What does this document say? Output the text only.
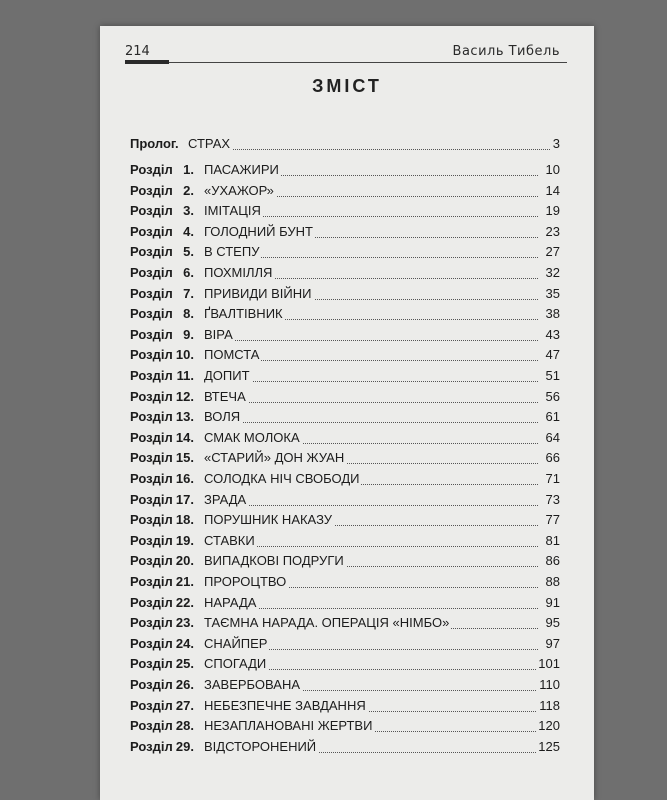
214	Василь Тибель
ЗМІСТ
Пролог. СТРАХ	3
Розділ 1. ПАСАЖИРИ	10
Розділ 2. «УХАЖОР»	14
Розділ 3. ІМІТАЦІЯ	19
Розділ 4. ГОЛОДНИЙ БУНТ	23
Розділ 5. В СТЕПУ	27
Розділ 6. ПОХМІЛЛЯ	32
Розділ 7. ПРИВИДИ ВІЙНИ	35
Розділ 8. ҐВАЛТІВНИК	38
Розділ 9. ВІРА	43
Розділ 10. ПОМСТА	47
Розділ 11. ДОПИТ	51
Розділ 12. ВТЕЧА	56
Розділ 13. ВОЛЯ	61
Розділ 14. СМАК МОЛОКА	64
Розділ 15. «СТАРИЙ» ДОН ЖУАН	66
Розділ 16. СОЛОДКА НІЧ СВОБОДИ	71
Розділ 17. ЗРАДА	73
Розділ 18. ПОРУШНИК НАКАЗУ	77
Розділ 19. СТАВКИ	81
Розділ 20. ВИПАДКОВІ ПОДРУГИ	86
Розділ 21. ПРОРОЦТВО	88
Розділ 22. НАРАДА	91
Розділ 23. ТАЄМНА НАРАДА. ОПЕРАЦІЯ «НІМБО»	95
Розділ 24. СНАЙПЕР	97
Розділ 25. СПОГАДИ	101
Розділ 26. ЗАВЕРБОВАНА	110
Розділ 27. НЕБЕЗПЕЧНЕ ЗАВДАННЯ	118
Розділ 28. НЕЗАПЛАНОВАНІ ЖЕРТВИ	120
Розділ 29. ВІДСТОРОНЕНИЙ	125
